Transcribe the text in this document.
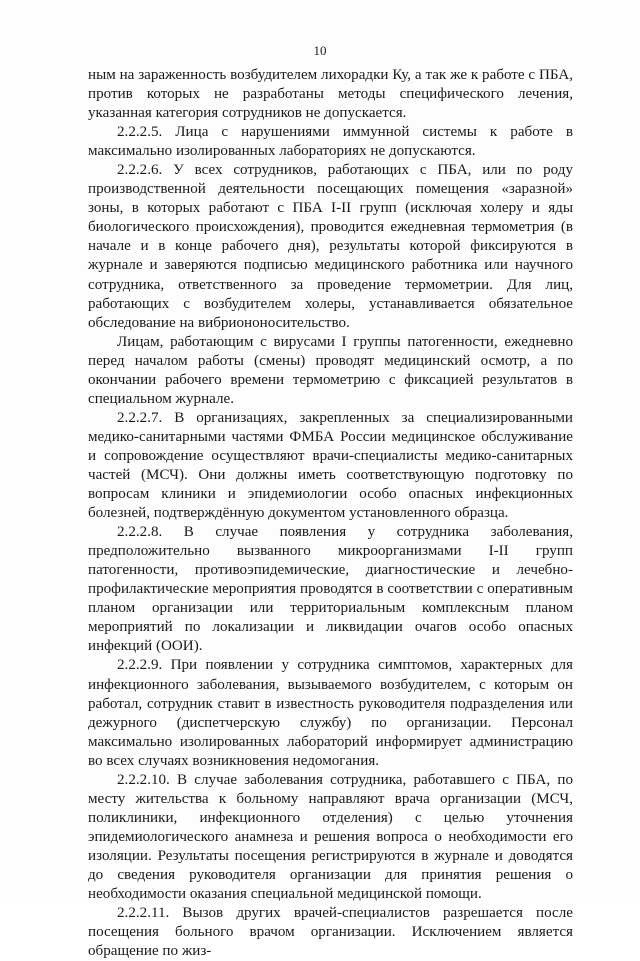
10

ным на зараженность возбудителем лихорадки Ку, а так же к работе с ПБА, против которых не разработаны методы специфического лечения, указанная категория сотрудников не допускается.

2.2.2.5. Лица с нарушениями иммунной системы к работе в максимально изолированных лабораториях не допускаются.

2.2.2.6. У всех сотрудников, работающих с ПБА, или по роду производственной деятельности посещающих помещения «заразной» зоны, в которых работают с ПБА I-II групп (исключая холеру и яды биологического происхождения), проводится ежедневная термометрия (в начале и в конце рабочего дня), результаты которой фиксируются в журнале и заверяются подписью медицинского работника или научного сотрудника, ответственного за проведение термометрии. Для лиц, работающих с возбудителем холеры, устанавливается обязательное обследование на вибриононосительство.

Лицам, работающим с вирусами I группы патогенности, ежедневно перед началом работы (смены) проводят медицинский осмотр, а по окончании рабочего времени термометрию с фиксацией результатов в специальном журнале.

2.2.2.7. В организациях, закрепленных за специализированными медико-санитарными частями ФМБА России медицинское обслуживание и сопровождение осуществляют врачи-специалисты медико-санитарных частей (МСЧ). Они должны иметь соответствующую подготовку по вопросам клиники и эпидемиологии особо опасных инфекционных болезней, подтверждённую документом установленного образца.

2.2.2.8. В случае появления у сотрудника заболевания, предположительно вызванного микроорганизмами I-II групп патогенности, противоэпидемические, диагностические и лечебно-профилактические мероприятия проводятся в соответствии с оперативным планом организации или территориальным комплексным планом мероприятий по локализации и ликвидации очагов особо опасных инфекций (ООИ).

2.2.2.9. При появлении у сотрудника симптомов, характерных для инфекционного заболевания, вызываемого возбудителем, с которым он работал, сотрудник ставит в известность руководителя подразделения или дежурного (диспетчерскую службу) по организации. Персонал максимально изолированных лабораторий информирует администрацию во всех случаях возникновения недомогания.

2.2.2.10. В случае заболевания сотрудника, работавшего с ПБА, по месту жительства к больному направляют врача организации (МСЧ, поликлиники, инфекционного отделения) с целью уточнения эпидемиологического анамнеза и решения вопроса о необходимости его изоляции. Результаты посещения регистрируются в журнале и доводятся до сведения руководителя организации для принятия решения о необходимости оказания специальной медицинской помощи.

2.2.2.11. Вызов других врачей-специалистов разрешается после посещения больного врачом организации. Исключением является обращение по жиз-
